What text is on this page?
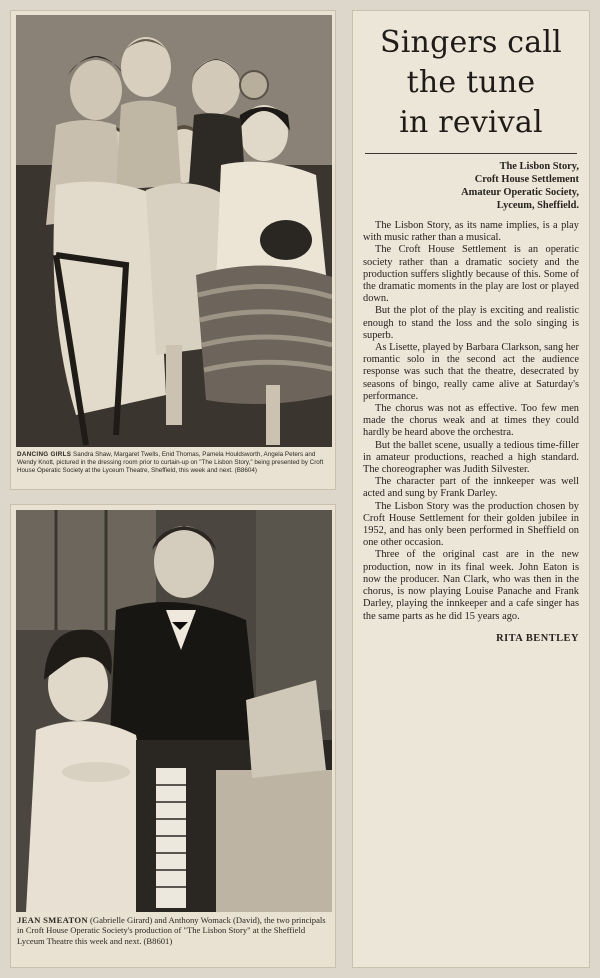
DANCING GIRLS Sandra Shaw, Margaret Twells, Enid Thomas, Pamela Houldsworth, Angela Peters and Wendy Knott, pictured in the dressing room prior to curtain-up on "The Lisbon Story," being presented by Croft House Operatic Society at the Lyceum Theatre, Sheffield, this week and next. (B8604)
JEAN SMEATON (Gabrielle Girard) and Anthony Womack (David), the two principals in Croft House Operatic Society's production of "The Lisbon Story" at the Sheffield Lyceum Theatre this week and next. (B8601)
Singers call
the tune
in revival
The Lisbon Story,
Croft House Settlement
Amateur Operatic Society,
Lyceum, Sheffield.

The Lisbon Story, as its name implies, is a play with music rather than a musical.

The Croft House Settlement is an operatic society rather than a dramatic society and the production suffers slightly because of this. Some of the dramatic moments in the play are lost or played down.

But the plot of the play is exciting and realistic enough to stand the loss and the solo singing is superb.

As Lisette, played by Barbara Clarkson, sang her romantic solo in the second act the audience response was such that the theatre, desecrated by seasons of bingo, really came alive at Saturday's performance.

The chorus was not as effective. Too few men made the chorus weak and at times they could hardly be heard above the orchestra.

But the ballet scene, usually a tedious time-filler in amateur productions, reached a high standard. The choreographer was Judith Silvester.

The character part of the innkeeper was well acted and sung by Frank Darley.

The Lisbon Story was the production chosen by Croft House Settlement for their golden jubilee in 1952, and has only been performed in Sheffield on one other occasion.

Three of the original cast are in the new production, now in its final week. John Eaton is now the producer. Nan Clark, who was then in the chorus, is now playing Louise Panache and Frank Darley, playing the innkeeper and a cafe singer has the same parts as he did 15 years ago.

RITA BENTLEY
